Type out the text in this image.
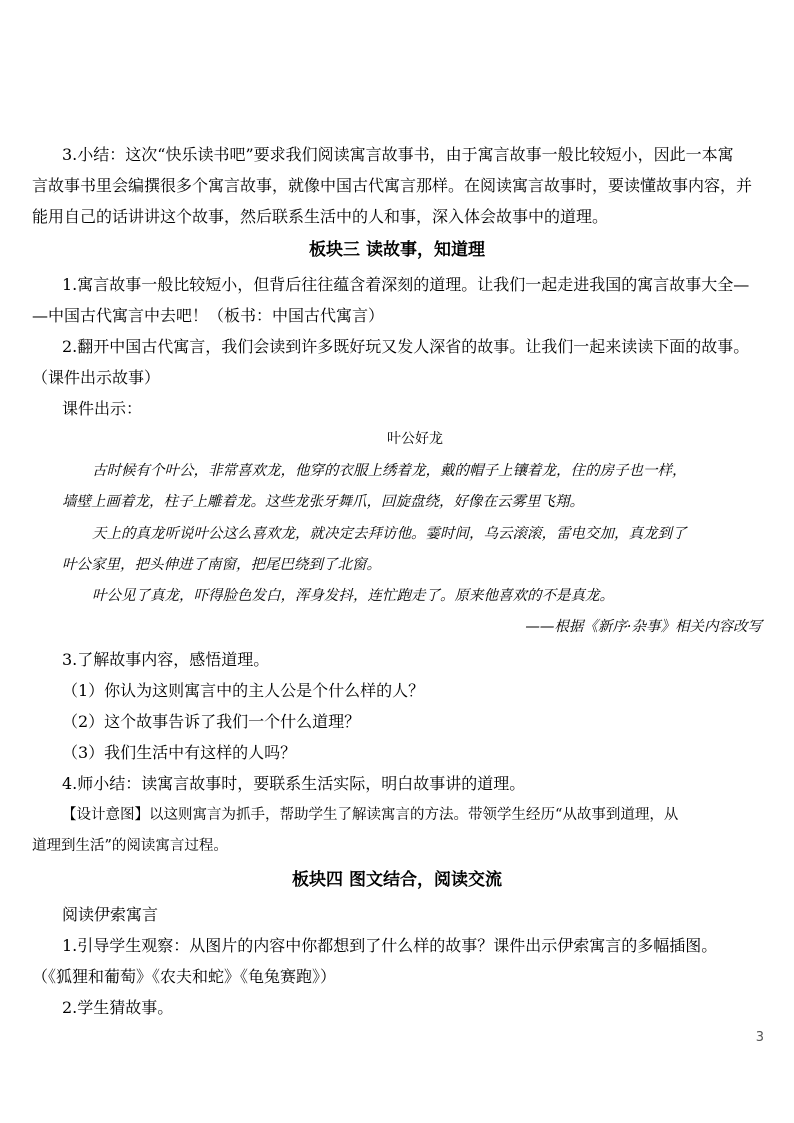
3.小结：这次“快乐读书吧”要求我们阅读寓言故事书，由于寓言故事一般比较短小，因此一本寓
言故事书里会编撰很多个寓言故事，就像中国古代寓言那样。在阅读寓言故事时，要读懂故事内容，并
能用自己的话讲讲这个故事，然后联系生活中的人和事，深入体会故事中的道理。
板块三 读故事，知道理
1.寓言故事一般比较短小，但背后往往蕴含着深刻的道理。让我们一起走进我国的寓言故事大全—
—中国古代寓言中去吧！（板书：中国古代寓言）
2.翻开中国古代寓言，我们会读到许多既好玩又发人深省的故事。让我们一起来读读下面的故事。
（课件出示故事）
课件出示：
叶公好龙
古时候有个叶公，非常喜欢龙，他穿的衣服上绣着龙，戴的帽子上镶着龙，住的房子也一样，
墙壁上画着龙，柱子上雕着龙。这些龙张牙舞爪，回旋盘绕，好像在云雾里飞翔。
天上的真龙听说叶公这么喜欢龙，就决定去拜访他。霎时间，乌云滚滚，雷电交加，真龙到了
叶公家里，把头伸进了南窗，把尾巴绕到了北窗。
叶公见了真龙，吓得脸色发白，浑身发抖，连忙跑走了。原来他喜欢的不是真龙。
——根据《新序·杂事》相关内容改写
3.了解故事内容，感悟道理。
（1）你认为这则寓言中的主人公是个什么样的人？
（2）这个故事告诉了我们一个什么道理？
（3）我们生活中有这样的人吗？
4.师小结：读寓言故事时，要联系生活实际，明白故事讲的道理。
【设计意图】以这则寓言为抓手，帮助学生了解读寓言的方法。带领学生经历“从故事到道理，从
道理到生活”的阅读寓言过程。
板块四 图文结合，阅读交流
阅读伊索寓言
1.引导学生观察：从图片的内容中你都想到了什么样的故事？课件出示伊索寓言的多幅插图。
（《狐狸和葡萄》《农夫和蛇》《龟兔赛跑》）
2.学生猜故事。
3
